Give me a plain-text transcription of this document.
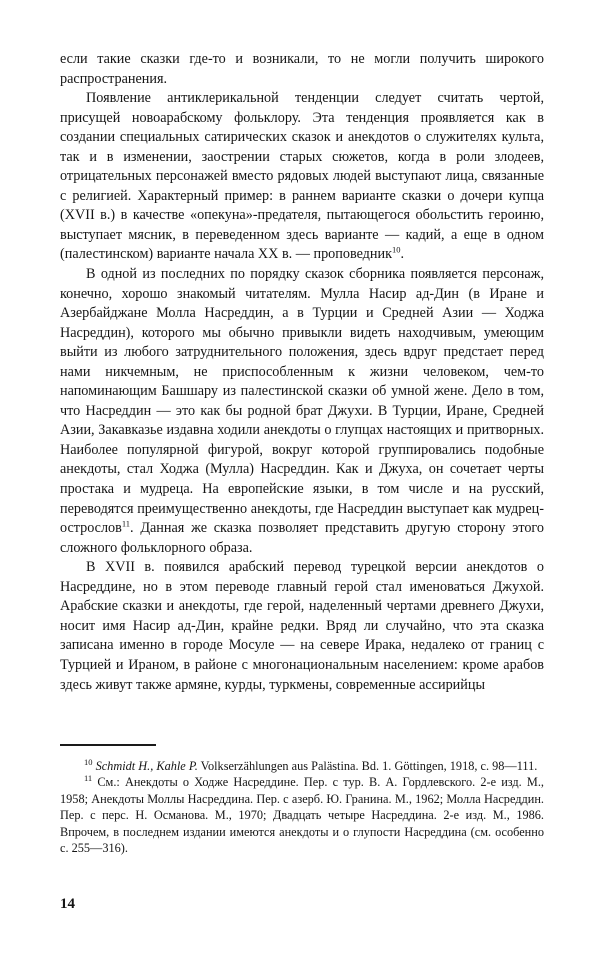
если такие сказки где-то и возникали, то не могли получить широкого распространения.

Появление антиклерикальной тенденции следует считать чертой, присущей новоарабскому фольклору. Эта тенденция проявляется как в создании специальных сатирических сказок и анекдотов о служителях культа, так и в изменении, заострении старых сюжетов, когда в роли злодеев, отрицательных персонажей вместо рядовых людей выступают лица, связанные с религией. Характерный пример: в раннем варианте сказки о дочери купца (XVII в.) в качестве «опекуна»-предателя, пытающегося обольстить героиню, выступает мясник, в переведенном здесь варианте — кадий, а еще в одном (палестинском) варианте начала XX в. — проповедник$^{10}$.

В одной из последних по порядку сказок сборника появляется персонаж, конечно, хорошо знакомый читателям. Мулла Насир ад-Дин (в Иране и Азербайджане Молла Насреддин, а в Турции и Средней Азии — Ходжа Насреддин), которого мы обычно привыкли видеть находчивым, умеющим выйти из любого затруднительного положения, здесь вдруг предстает перед нами никчемным, не приспособленным к жизни человеком, чем-то напоминающим Башшару из палестинской сказки об умной жене. Дело в том, что Насреддин — это как бы родной брат Джухи. В Турции, Иране, Средней Азии, Закавказье издавна ходили анекдоты о глупцах настоящих и притворных. Наиболее популярной фигурой, вокруг которой группировались подобные анекдоты, стал Ходжа (Мулла) Насреддин. Как и Джуха, он сочетает черты простака и мудреца. На европейские языки, в том числе и на русский, переводятся преимущественно анекдоты, где Насреддин выступает как мудрец-острослов$^{11}$. Данная же сказка позволяет представить другую сторону этого сложного фольклорного образа.

В XVII в. появился арабский перевод турецкой версии анекдотов о Насреддине, но в этом переводе главный герой стал именоваться Джухой. Арабские сказки и анекдоты, где герой, наделенный чертами древнего Джухи, носит имя Насир ад-Дин, крайне редки. Вряд ли случайно, что эта сказка записана именно в городе Мосуле — на севере Ирака, недалеко от границ с Турцией и Ираном, в районе с многонациональным населением: кроме арабов здесь живут также армяне, курды, туркмены, современные ассирийцы

$^{10}$ Schmidt H., Kahle P. Volkserzählungen aus Palästina. Bd. 1. Göttingen, 1918, с. 98—111.

$^{11}$ См.: Анекдоты о Ходже Насреддине. Пер. с тур. В. А. Гордлевского. 2-е изд. М., 1958; Анекдоты Моллы Насреддина. Пер. с азерб. Ю. Гранина. М., 1962; Молла Насреддин. Пер. с перс. Н. Османова. М., 1970; Двадцать четыре Насреддина. 2-е изд. М., 1986. Впрочем, в последнем издании имеются анекдоты и о глупости Насреддина (см. особенно с. 255—316).

14
